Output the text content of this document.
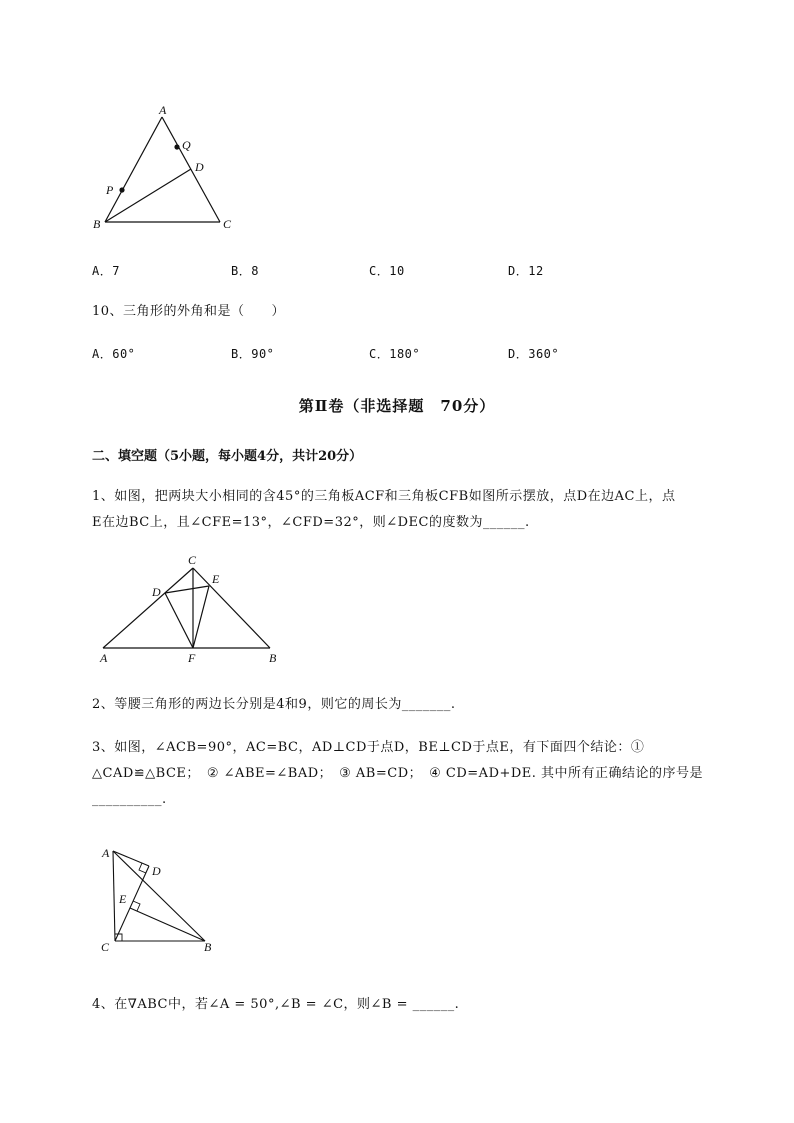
A
Q
D
P
B	C
A．7	B．8	C．10	D．12
10、三角形的外角和是（　　）
A．60°	B．90°	C．180°	D．360°
第Ⅱ卷（非选择题　70分）
二、填空题（5小题，每小题4分，共计20分）
1、如图，把两块大小相同的含45°的三角板ACF和三角板CFB如图所示摆放，点D在边AC上，点
E在边BC上，且∠CFE=13°，∠CFD=32°，则∠DEC的度数为______.
C
D
E
A	F	B
2、等腰三角形的两边长分别是4和9，则它的周长为_______.
3、如图，∠ACB=90°，AC=BC，AD⊥CD于点D，BE⊥CD于点E，有下面四个结论：①
△CAD≌△BCE；　② ∠ABE=∠BAD；　③ AB=CD；　④ CD=AD+DE. 其中所有正确结论的序号是
__________.
A
D
E
C	B
4、在∇ABC中，若∠A = 50°,∠B = ∠C，则∠B = ______.
